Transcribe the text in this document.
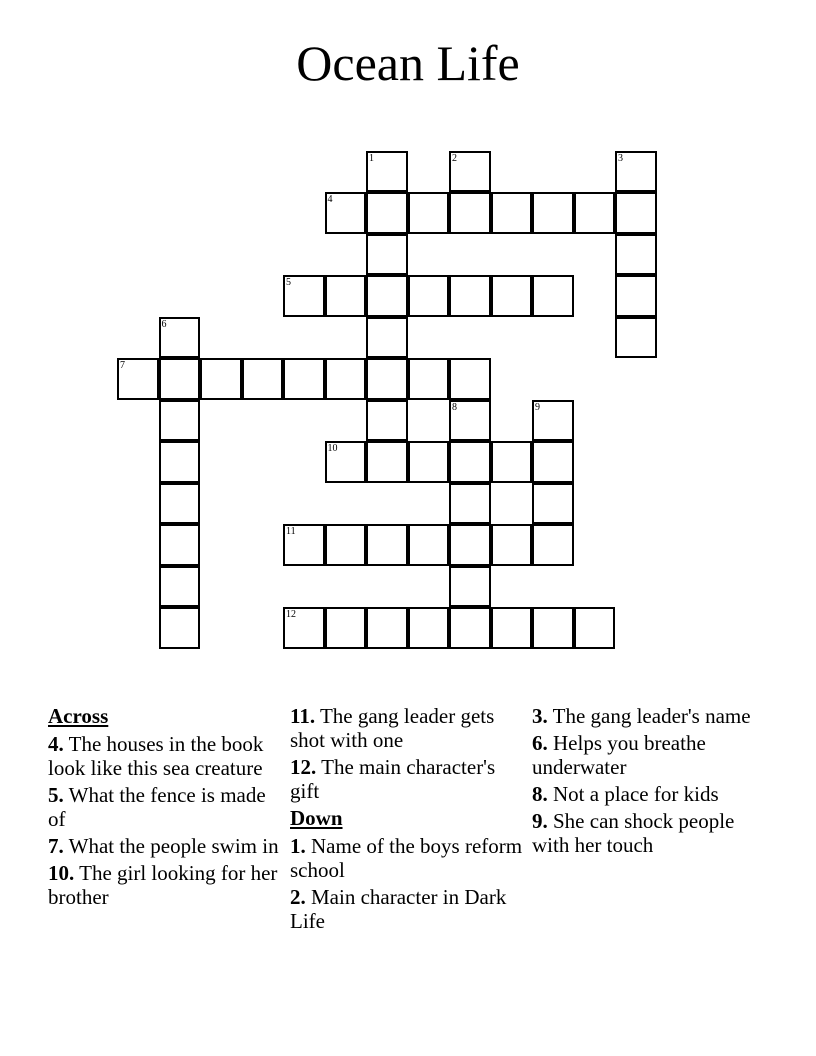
Ocean Life
1	2	3
4
5
6
7
8	9
10
11
12
Across
4. The houses in the book look like this sea creature
5. What the fence is made of
7. What the people swim in
10. The girl looking for her brother
11. The gang leader gets shot with one
12. The main character's gift
Down
1. Name of the boys reform school
2. Main character in Dark Life
3. The gang leader's name
6. Helps you breathe underwater
8. Not a place for kids
9. She can shock people with her touch
